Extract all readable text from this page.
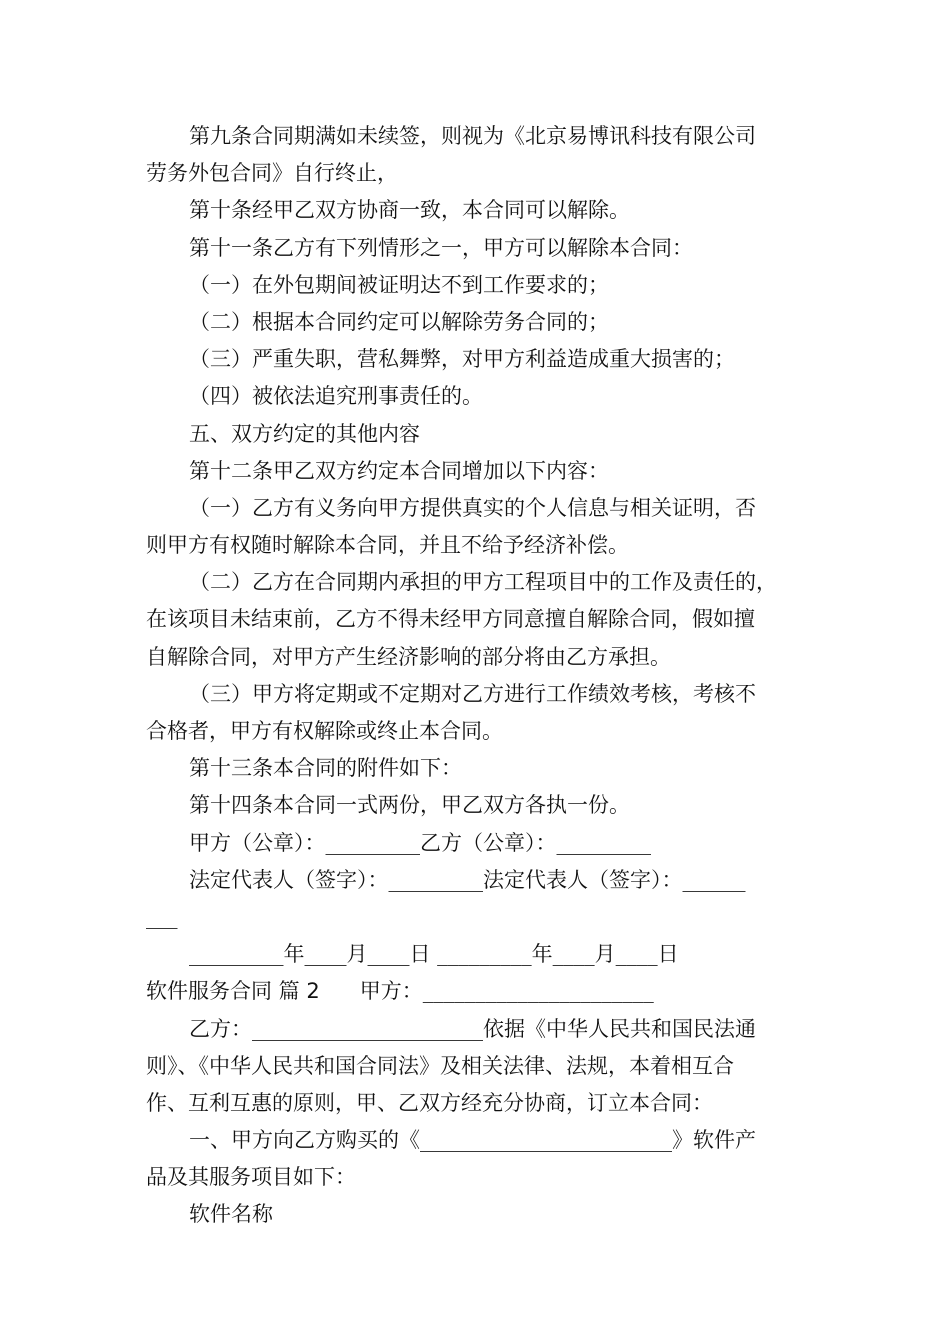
第九条合同期满如未续签，则视为《北京易博讯科技有限公司
劳务外包合同》自行终止，
第十条经甲乙双方协商一致，本合同可以解除。
第十一条乙方有下列情形之一，甲方可以解除本合同：
（一）在外包期间被证明达不到工作要求的；
（二）根据本合同约定可以解除劳务合同的；
（三）严重失职，营私舞弊，对甲方利益造成重大损害的；
（四）被依法追究刑事责任的。
五、双方约定的其他内容
第十二条甲乙双方约定本合同增加以下内容：
（一）乙方有义务向甲方提供真实的个人信息与相关证明，否
则甲方有权随时解除本合同，并且不给予经济补偿。
（二）乙方在合同期内承担的甲方工程项目中的工作及责任的，
在该项目未结束前，乙方不得未经甲方同意擅自解除合同，假如擅
自解除合同，对甲方产生经济影响的部分将由乙方承担。
（三）甲方将定期或不定期对乙方进行工作绩效考核，考核不
合格者，甲方有权解除或终止本合同。
第十三条本合同的附件如下：
第十四条本合同一式两份，甲乙双方各执一份。
甲方（公章）：_________乙方（公章）：_________
法定代表人（签字）：_________法定代表人（签字）：______
___
_________年____月____日 _________年____月____日
软件服务合同 篇 2 甲方：______________________
乙方：______________________依据《中华人民共和国民法通
则》、《中华人民共和国合同法》及相关法律、法规，本着相互合
作、互利互惠的原则，甲、乙双方经充分协商，订立本合同：
一、甲方向乙方购买的《________________________》软件产
品及其服务项目如下：
软件名称
